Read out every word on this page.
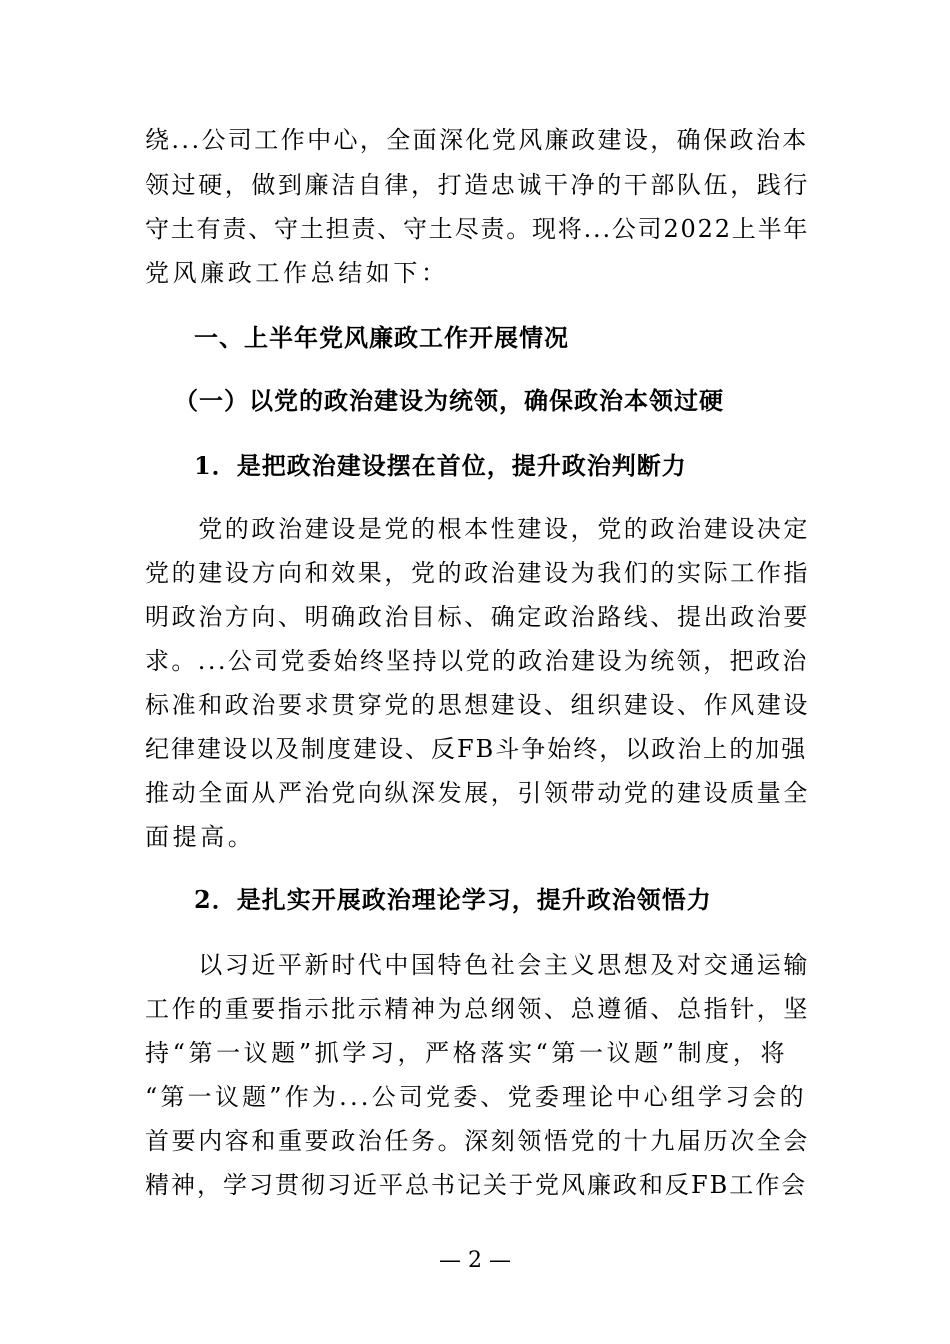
绕...公司工作中心，全面深化党风廉政建设，确保政治本
领过硬，做到廉洁自律，打造忠诚干净的干部队伍，践行
守土有责、守土担责、守土尽责。现将...公司2022上半年
党风廉政工作总结如下：
一、上半年党风廉政工作开展情况
（一）以党的政治建设为统领，确保政治本领过硬
1．是把政治建设摆在首位，提升政治判断力
　　党的政治建设是党的根本性建设，党的政治建设决定
党的建设方向和效果，党的政治建设为我们的实际工作指
明政治方向、明确政治目标、确定政治路线、提出政治要
求。...公司党委始终坚持以党的政治建设为统领，把政治
标准和政治要求贯穿党的思想建设、组织建设、作风建设
纪律建设以及制度建设、反FB斗争始终，以政治上的加强
推动全面从严治党向纵深发展，引领带动党的建设质量全
面提高。
2．是扎实开展政治理论学习，提升政治领悟力
　　以习近平新时代中国特色社会主义思想及对交通运输
工作的重要指示批示精神为总纲领、总遵循、总指针，坚
持“第一议题”抓学习，严格落实“第一议题”制度，将
“第一议题”作为...公司党委、党委理论中心组学习会的
首要内容和重要政治任务。深刻领悟党的十九届历次全会
精神，学习贯彻习近平总书记关于党风廉政和反FB工作会
— 2 —
